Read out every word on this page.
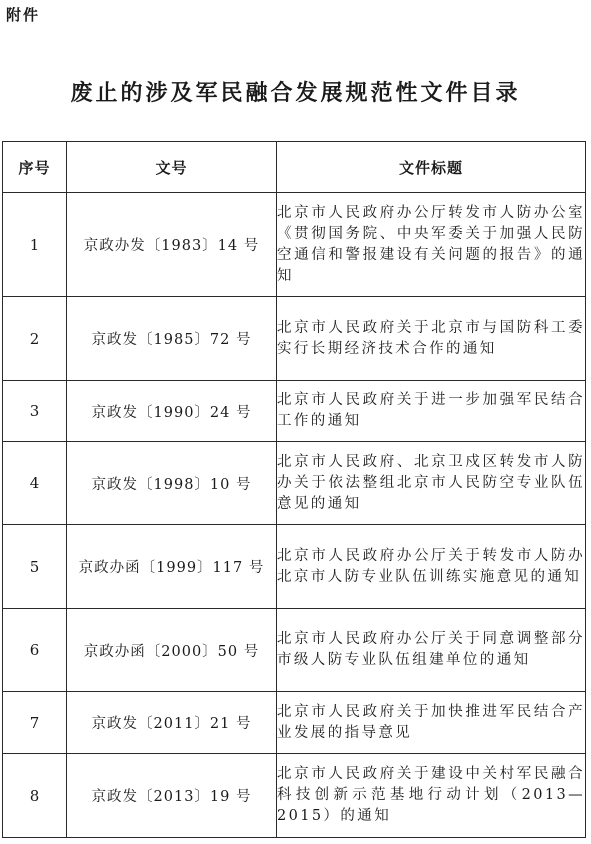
附件
废止的涉及军民融合发展规范性文件目录
序号	文号	文件标题
1	京政办发〔1983〕14 号	北京市人民政府办公厅转发市人防办公室《贯彻国务院、中央军委关于加强人民防空通信和警报建设有关问题的报告》的通知
2	京政发〔1985〕72 号	北京市人民政府关于北京市与国防科工委实行长期经济技术合作的通知
3	京政发〔1990〕24 号	北京市人民政府关于进一步加强军民结合工作的通知
4	京政发〔1998〕10 号	北京市人民政府、北京卫戍区转发市人防办关于依法整组北京市人民防空专业队伍意见的通知
5	京政办函〔1999〕117 号	北京市人民政府办公厅关于转发市人防办北京市人防专业队伍训练实施意见的通知
6	京政办函〔2000〕50 号	北京市人民政府办公厅关于同意调整部分市级人防专业队伍组建单位的通知
7	京政发〔2011〕21 号	北京市人民政府关于加快推进军民结合产业发展的指导意见
8	京政发〔2013〕19 号	北京市人民政府关于建设中关村军民融合科技创新示范基地行动计划（2013—2015）的通知
